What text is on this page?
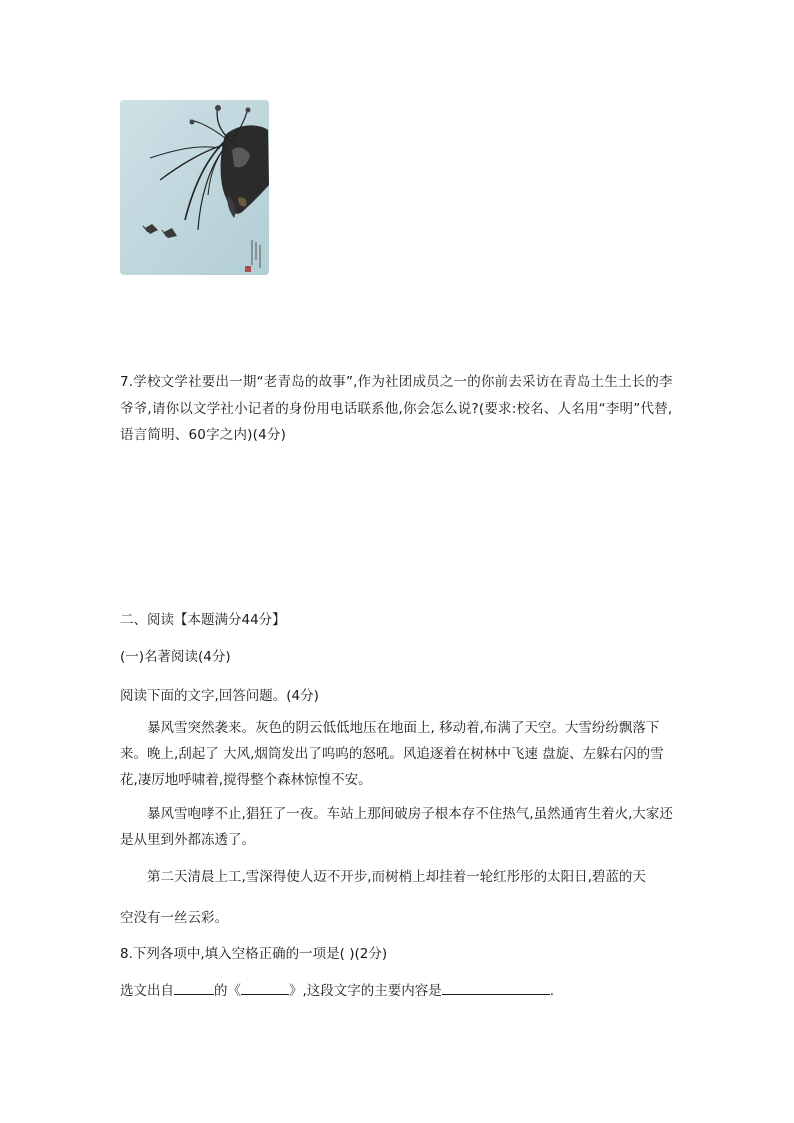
7.学校文学社要出一期“老青岛的故事”,作为社团成员之一的你前去采访在青岛土生土长的李爷爷,请你以文学社小记者的身份用电话联系他,你会怎么说?(要求:校名、人名用“李明”代替,语言简明、60字之内)(4分)
二、阅读【本题满分44分】
(一)名著阅读(4分)
阅读下面的文字,回答问题。(4分)
暴风雪突然袭来。灰色的阴云低低地压在地面上, 移动着,布满了天空。大雪纷纷飘落下来。晚上,刮起了 大风,烟筒发出了呜呜的怒吼。风追逐着在树林中飞速 盘旋、左躲右闪的雪花,凄厉地呼啸着,搅得整个森林惊惶不安。
暴风雪咆哮不止,猖狂了一夜。车站上那间破房子根本存不住热气,虽然通宵生着火,大家还是从里到外都冻透了。
第二天清晨上工,雪深得使人迈不开步,而树梢上却挂着一轮红彤彤的太阳日,碧蓝的天
空没有一丝云彩。
8.下列各项中,填入空格正确的一项是( )(2分)
选文出自	的《	》,这段文字的主要内容是	.
